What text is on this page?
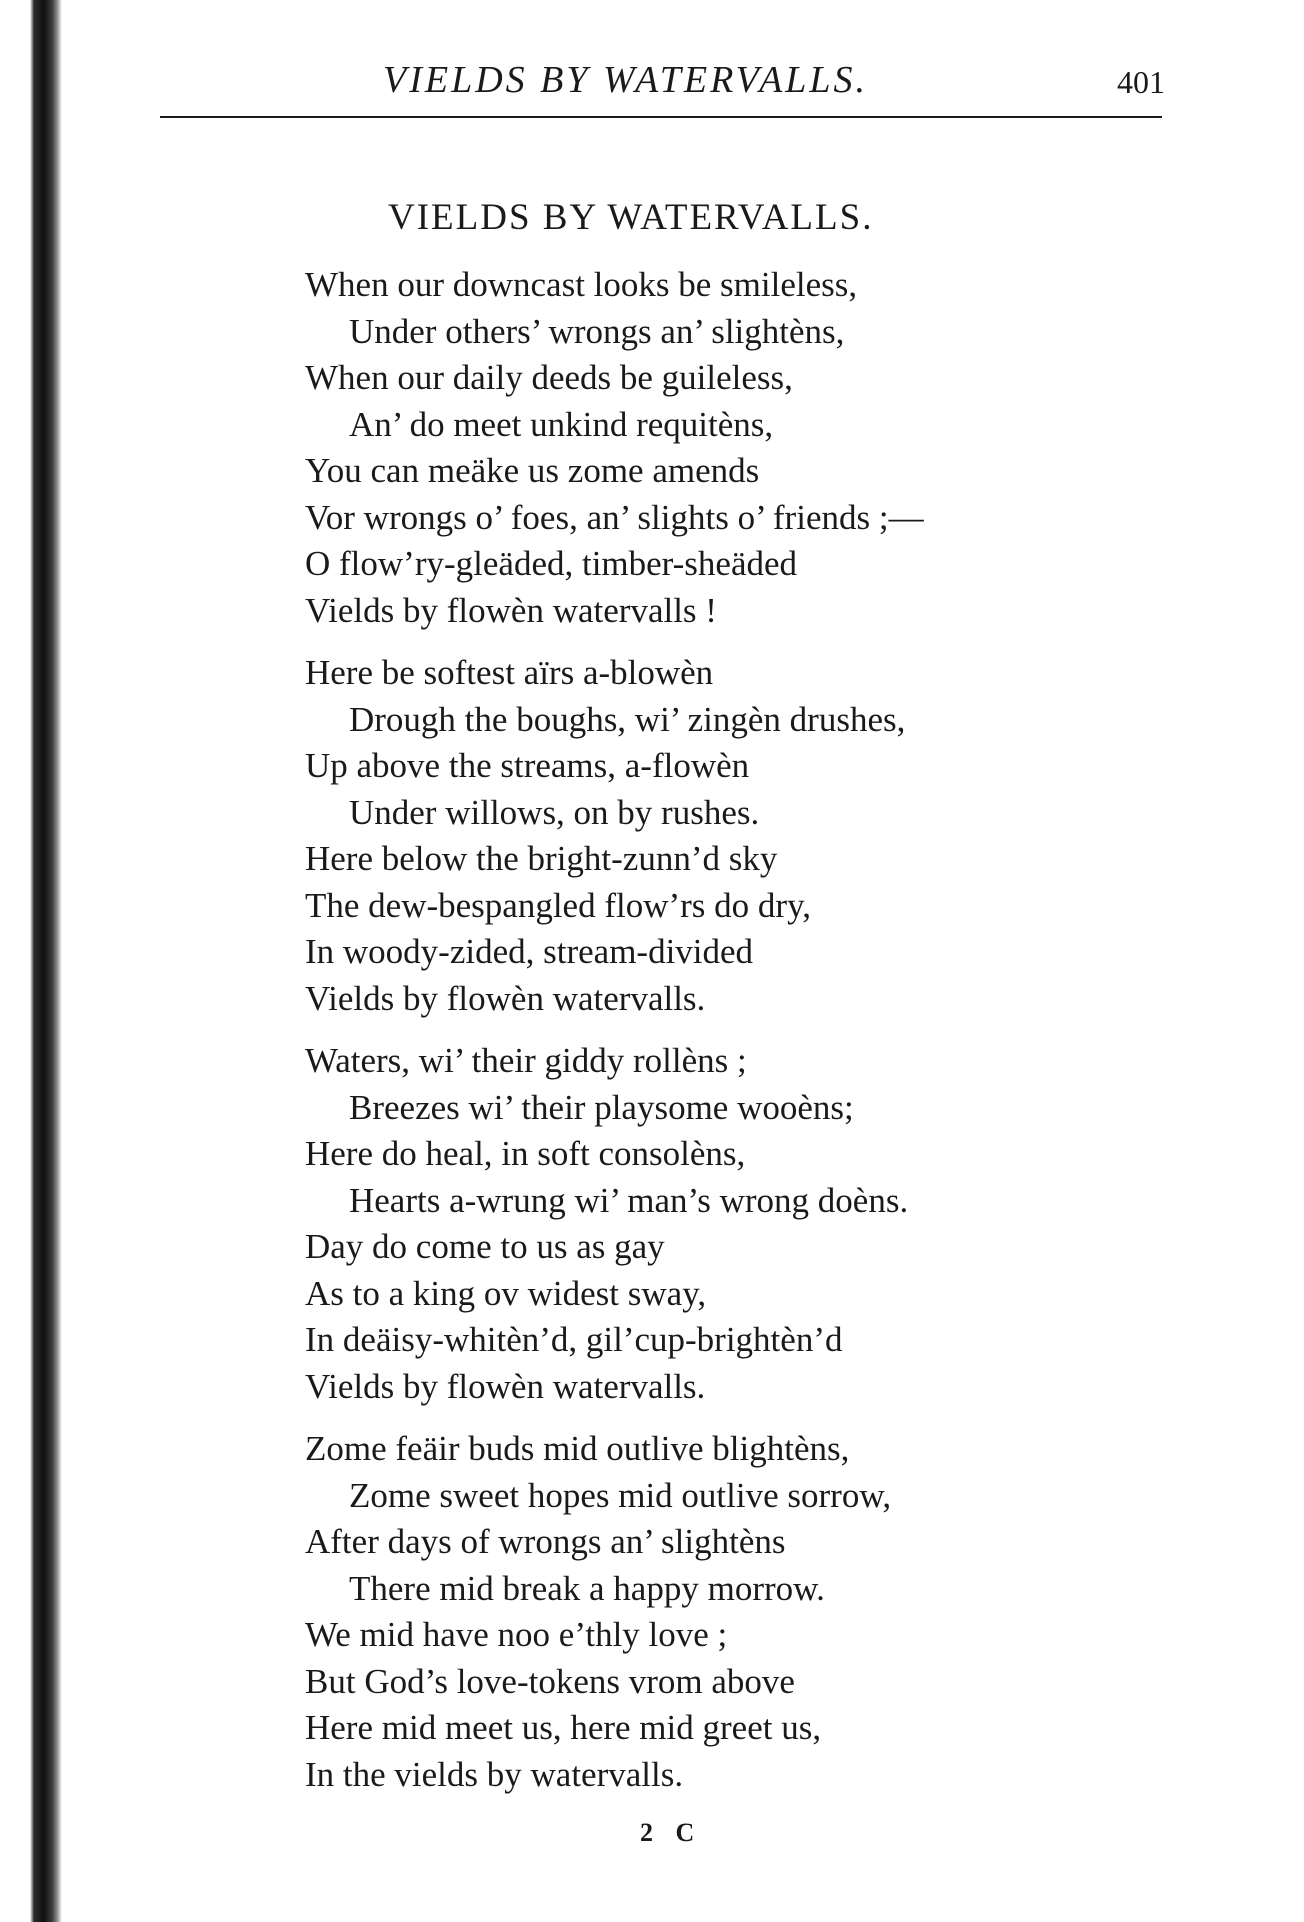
VIELDS BY WATERVALLS.	401
VIELDS BY WATERVALLS.
When our downcast looks be smileless,
Under others’ wrongs an’ slightèns,
When our daily deeds be guileless,
An’ do meet unkind requitèns,
You can meäke us zome amends
Vor wrongs o’ foes, an’ slights o’ friends ;—
O flow’ry-gleäded, timber-sheäded
Vields by flowèn watervalls !
Here be softest aïrs a-blowèn
Drough the boughs, wi’ zingèn drushes,
Up above the streams, a-flowèn
Under willows, on by rushes.
Here below the bright-zunn’d sky
The dew-bespangled flow’rs do dry,
In woody-zided, stream-divided
Vields by flowèn watervalls.
Waters, wi’ their giddy rollèns ;
Breezes wi’ their playsome wooèns;
Here do heal, in soft consolèns,
Hearts a-wrung wi’ man’s wrong doèns.
Day do come to us as gay
As to a king ov widest sway,
In deäisy-whitèn’d, gil’cup-brightèn’d
Vields by flowèn watervalls.
Zome feäir buds mid outlive blightèns,
Zome sweet hopes mid outlive sorrow,
After days of wrongs an’ slightèns
There mid break a happy morrow.
We mid have noo e’thly love ;
But God’s love-tokens vrom above
Here mid meet us, here mid greet us,
In the vields by watervalls.
2 C
